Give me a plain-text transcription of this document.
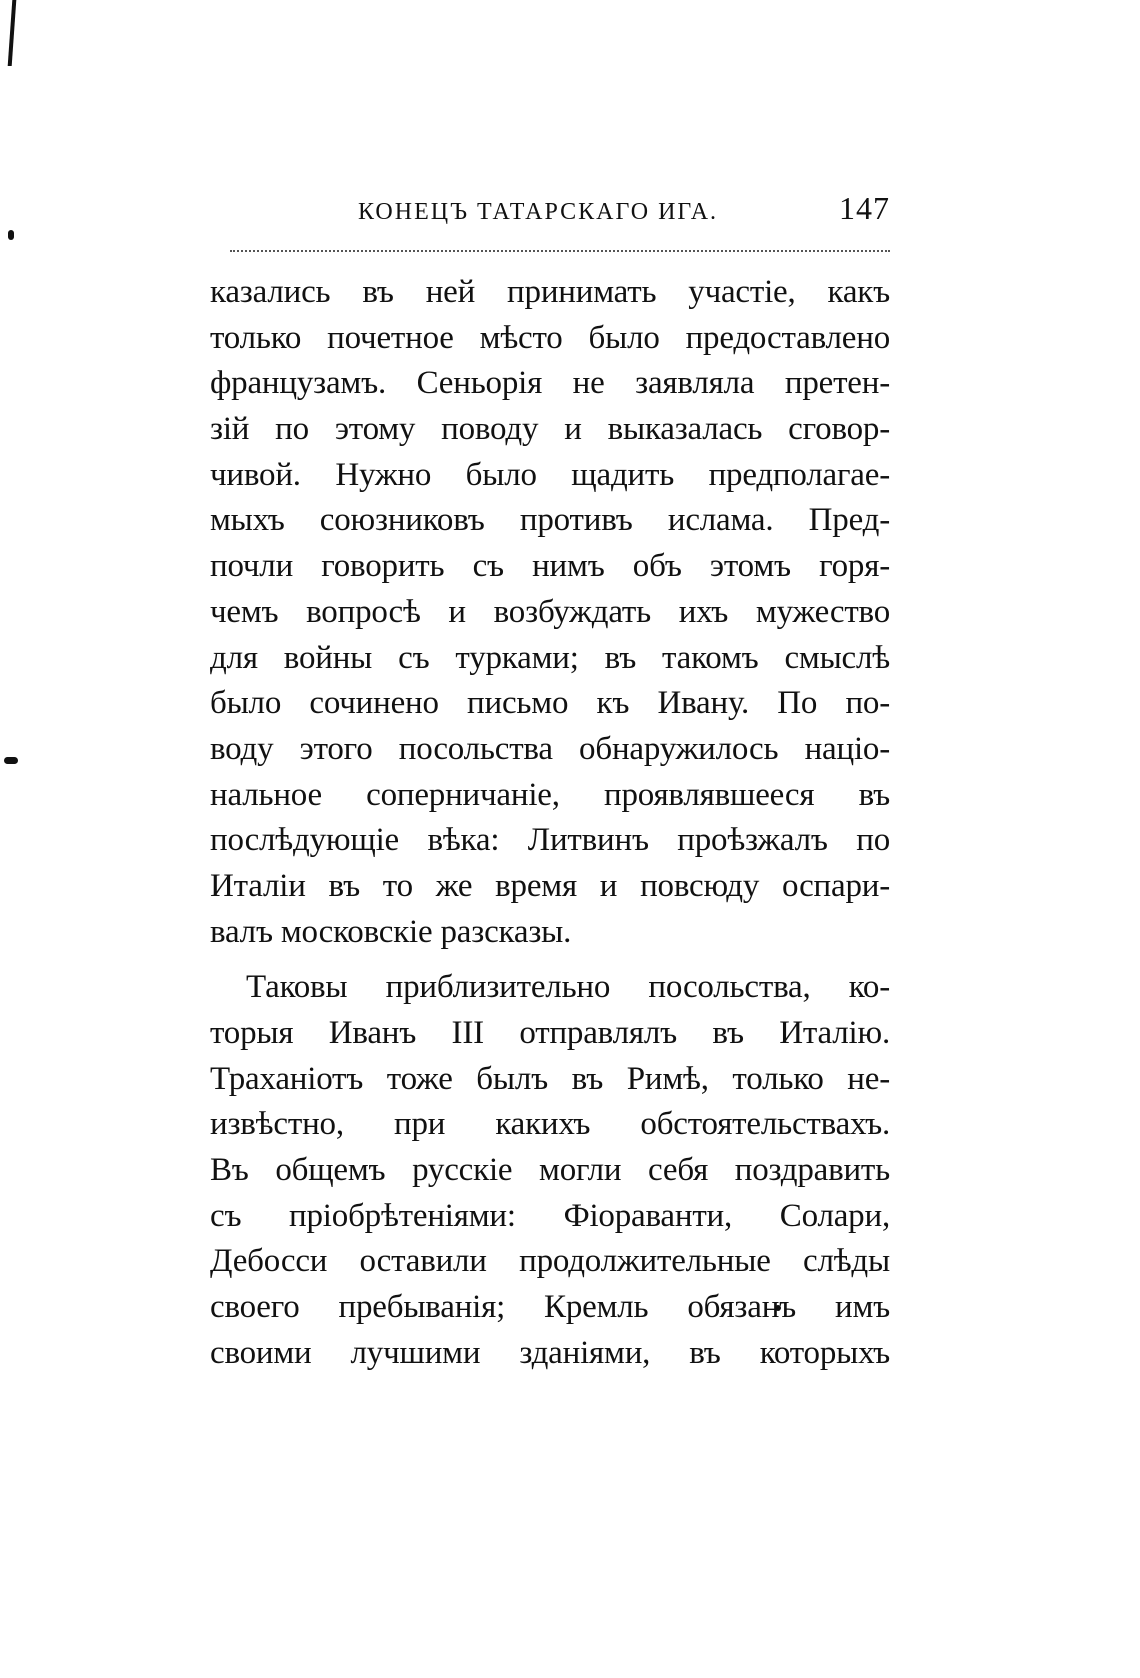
КОНЕЦЪ ТАТАРСКАГО ИГА.	147
казались въ ней принимать участіе, какъ
только почетное мѣсто было предоставлено
французамъ. Сеньорія не заявляла претен-
зій по этому поводу и выказалась сговор-
чивой. Нужно было щадить предполагае-
мыхъ союзниковъ противъ ислама. Пред-
почли говорить съ нимъ объ этомъ горя-
чемъ вопросѣ и возбуждать ихъ мужество
для войны съ турками; въ такомъ смыслѣ
было сочинено письмо къ Ивану. По по-
воду этого посольства обнаружилось націо-
нальное соперничаніе, проявлявшееся въ
послѣдующіе вѣка: Литвинъ проѣзжалъ по
Италіи въ то же время и повсюду оспари-
валъ московскіе разсказы.
Таковы приблизительно посольства, ко-
торыя Иванъ III отправлялъ въ Италію.
Траханіотъ тоже былъ въ Римѣ, только не-
извѣстно, при какихъ обстоятельствахъ.
Въ общемъ русскіе могли себя поздравить
съ пріобрѣтеніями: Фіораванти, Солари,
Дебосси оставили продолжительные слѣды
своего пребыванія; Кремль обязанъ имъ
своими лучшими зданіями, въ которыхъ
